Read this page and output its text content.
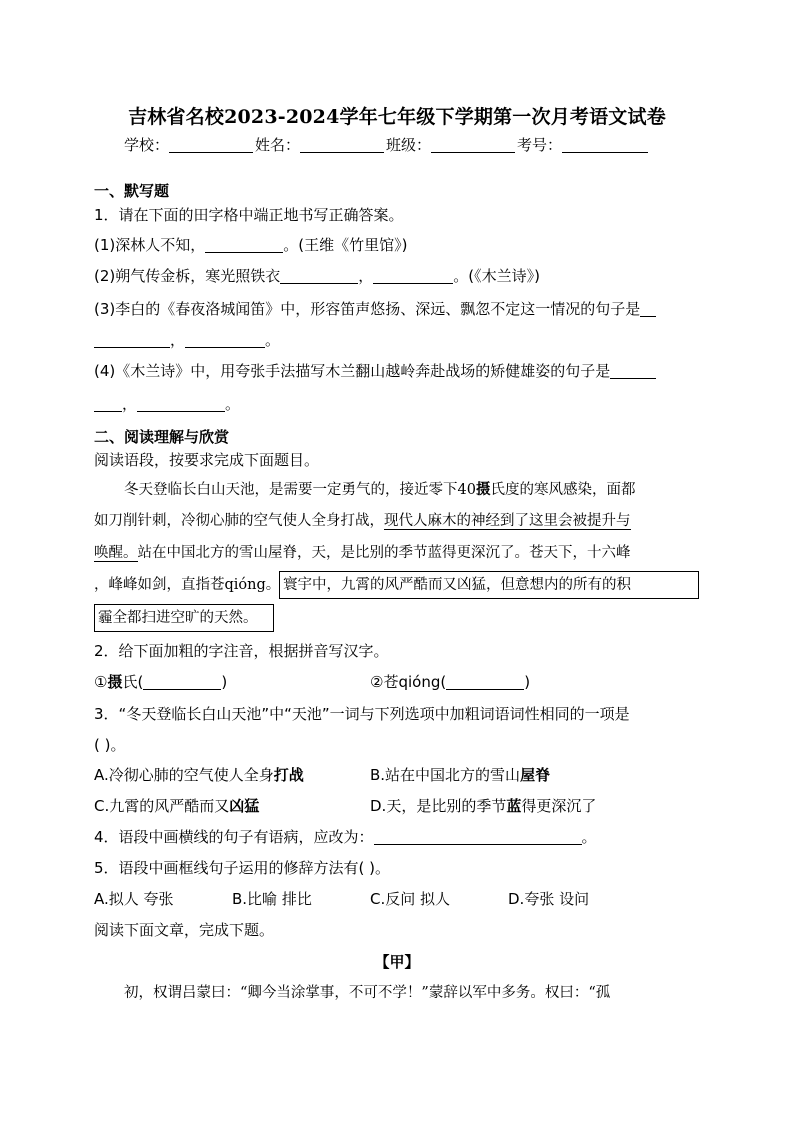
吉林省名校2023-2024学年七年级下学期第一次月考语文试卷
学校：	姓名：	班级：	考号：
一、默写题
1．请在下面的田字格中端正地书写正确答案。
(1)深林人不知，	。(王维《竹里馆》)
(2)朔气传金柝，寒光照铁衣	，	。(《木兰诗》)
(3)李白的《春夜洛城闻笛》中，形容笛声悠扬、深远、飘忽不定这一情况的句子是
，	。
(4)《木兰诗》中，用夸张手法描写木兰翻山越岭奔赴战场的矫健雄姿的句子是
，	。
二、阅读理解与欣赏
阅读语段，按要求完成下面题目。
冬天登临长白山天池，是需要一定勇气的，接近零下40摄氏度的寒风感染，面都
如刀削针刺，冷彻心肺的空气使人全身打战，现代人麻木的神经到了这里会被提升与
唤醒。站在中国北方的雪山屋脊，天，是比别的季节蓝得更深沉了。苍天下，十六峰
，峰峰如剑，直指苍qióng。 寰宇中，九霄的风严酷而又凶猛，但意想内的所有的积
霾全都扫进空旷的天然。
2．给下面加粗的字注音，根据拼音写汉字。
①摄氏(	)	②苍qióng(	)
3．“冬天登临长白山天池”中“天池”一词与下列选项中加粗词语词性相同的一项是
( )。
A.冷彻心肺的空气使人全身打战	B.站在中国北方的雪山屋脊
C.九霄的风严酷而又凶猛	D.天，是比别的季节蓝得更深沉了
4．语段中画横线的句子有语病，应改为：	。
5．语段中画框线句子运用的修辞方法有( )。
A.拟人 夸张	B.比喻 排比	C.反问 拟人	D.夸张 设问
阅读下面文章，完成下题。
【甲】
初，权谓吕蒙曰：“卿今当涂掌事，不可不学！”蒙辞以军中多务。权曰：“孤
